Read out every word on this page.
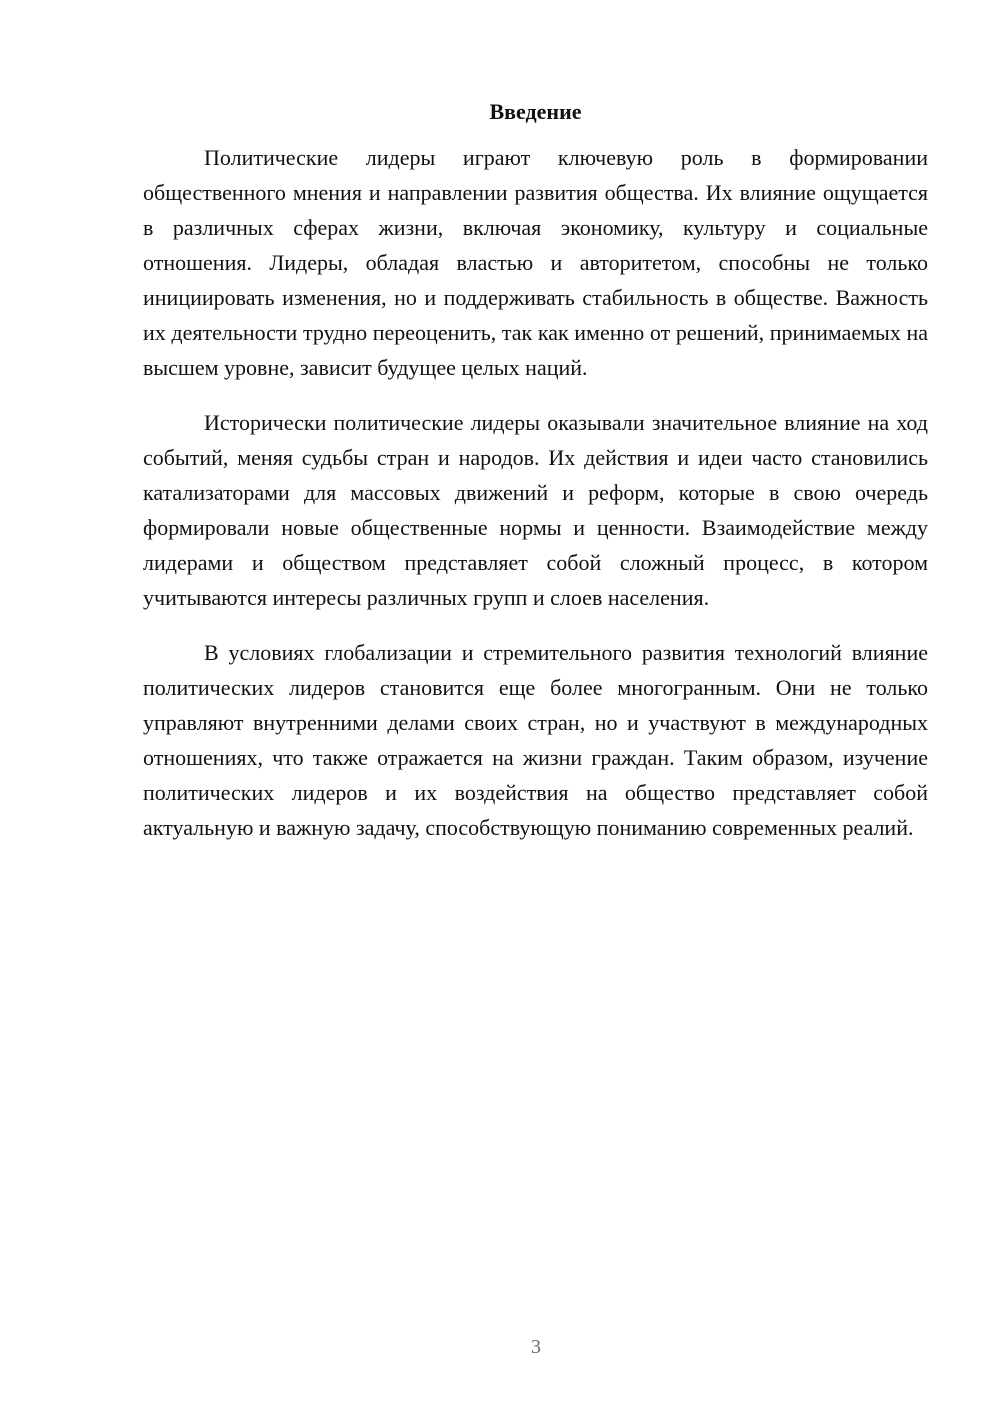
Введение

Политические лидеры играют ключевую роль в формировании общественного мнения и направлении развития общества. Их влияние ощущается в различных сферах жизни, включая экономику, культуру и социальные отношения. Лидеры, обладая властью и авторитетом, способны не только инициировать изменения, но и поддерживать стабильность в обществе. Важность их деятельности трудно переоценить, так как именно от решений, принимаемых на высшем уровне, зависит будущее целых наций.

Исторически политические лидеры оказывали значительное влияние на ход событий, меняя судьбы стран и народов. Их действия и идеи часто становились катализаторами для массовых движений и реформ, которые в свою очередь формировали новые общественные нормы и ценности. Взаимодействие между лидерами и обществом представляет собой сложный процесс, в котором учитываются интересы различных групп и слоев населения.

В условиях глобализации и стремительного развития технологий влияние политических лидеров становится еще более многогранным. Они не только управляют внутренними делами своих стран, но и участвуют в международных отношениях, что также отражается на жизни граждан. Таким образом, изучение политических лидеров и их воздействия на общество представляет собой актуальную и важную задачу, способствующую пониманию современных реалий.

3
